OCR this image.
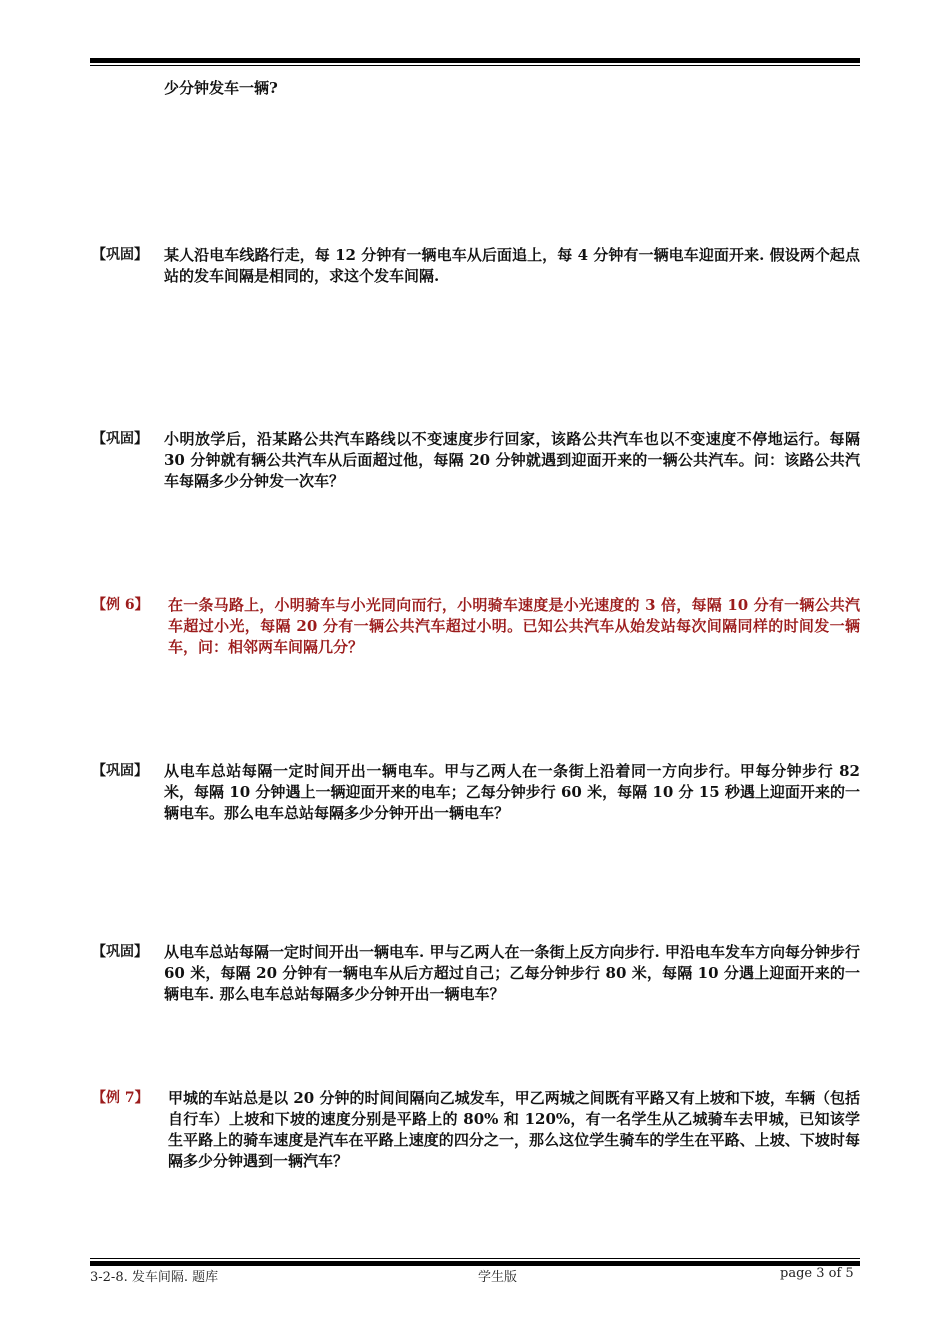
少分钟发车一辆?
【巩固】	某人沿电车线路行走，每 12 分钟有一辆电车从后面追上，每 4 分钟有一辆电车迎面开来. 假设两个起点站的发车间隔是相同的，求这个发车间隔.
【巩固】	小明放学后，沿某路公共汽车路线以不变速度步行回家，该路公共汽车也以不变速度不停地运行。每隔 30 分钟就有辆公共汽车从后面超过他，每隔 20 分钟就遇到迎面开来的一辆公共汽车。问：该路公共汽车每隔多少分钟发一次车？
【例 6】	在一条马路上，小明骑车与小光同向而行，小明骑车速度是小光速度的 3 倍，每隔 10 分有一辆公共汽车超过小光，每隔 20 分有一辆公共汽车超过小明。已知公共汽车从始发站每次间隔同样的时间发一辆车，问：相邻两车间隔几分？
【巩固】	从电车总站每隔一定时间开出一辆电车。甲与乙两人在一条街上沿着同一方向步行。甲每分钟步行 82 米，每隔 10 分钟遇上一辆迎面开来的电车；乙每分钟步行 60 米，每隔 10 分 15 秒遇上迎面开来的一辆电车。那么电车总站每隔多少分钟开出一辆电车？
【巩固】	从电车总站每隔一定时间开出一辆电车. 甲与乙两人在一条街上反方向步行. 甲沿电车发车方向每分钟步行 60 米，每隔 20 分钟有一辆电车从后方超过自己；乙每分钟步行 80 米，每隔 10 分遇上迎面开来的一辆电车. 那么电车总站每隔多少分钟开出一辆电车？
【例 7】	甲城的车站总是以 20 分钟的时间间隔向乙城发车，甲乙两城之间既有平路又有上坡和下坡，车辆（包括自行车）上坡和下坡的速度分别是平路上的 80% 和 120%，有一名学生从乙城骑车去甲城，已知该学生平路上的骑车速度是汽车在平路上速度的四分之一，那么这位学生骑车的学生在平路、上坡、下坡时每隔多少分钟遇到一辆汽车？
3-2-8. 发车间隔. 题库	学生版	page 3 of 5
